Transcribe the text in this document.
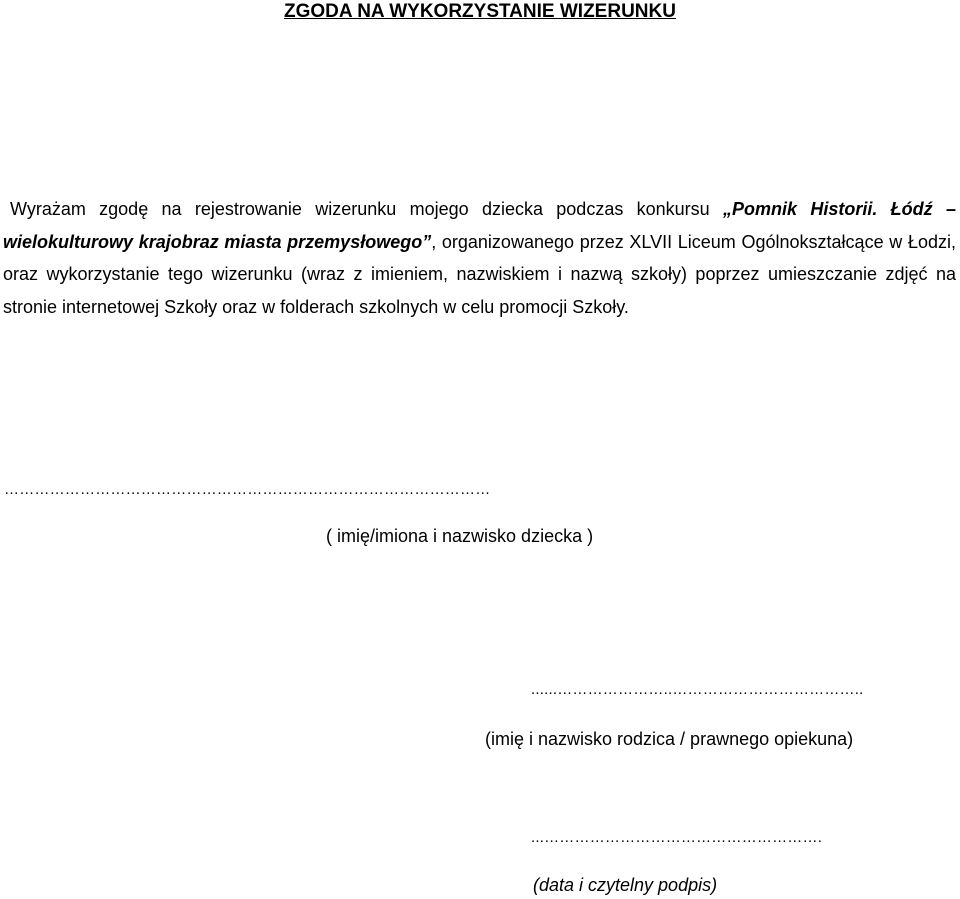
ZGODA NA WYKORZYSTANIE WIZERUNKU
Wyrażam zgodę na rejestrowanie wizerunku mojego dziecka podczas konkursu „Pomnik Historii. Łódź – wielokulturowy krajobraz miasta przemysłowego”, organizowanego przez XLVII Liceum Ogólnokształcące w Łodzi, oraz wykorzystanie tego wizerunku (wraz z imieniem, nazwiskiem i nazwą szkoły) poprzez umieszczanie zdjęć na stronie internetowej Szkoły oraz w folderach szkolnych w celu promocji Szkoły.
……………………………………………………………………………………
( imię/imiona i nazwisko dziecka )
......…………………..………………………………..
(imię i nazwisko rodzica / prawnego opiekuna)
...……………………………………………….
(data i czytelny podpis)
